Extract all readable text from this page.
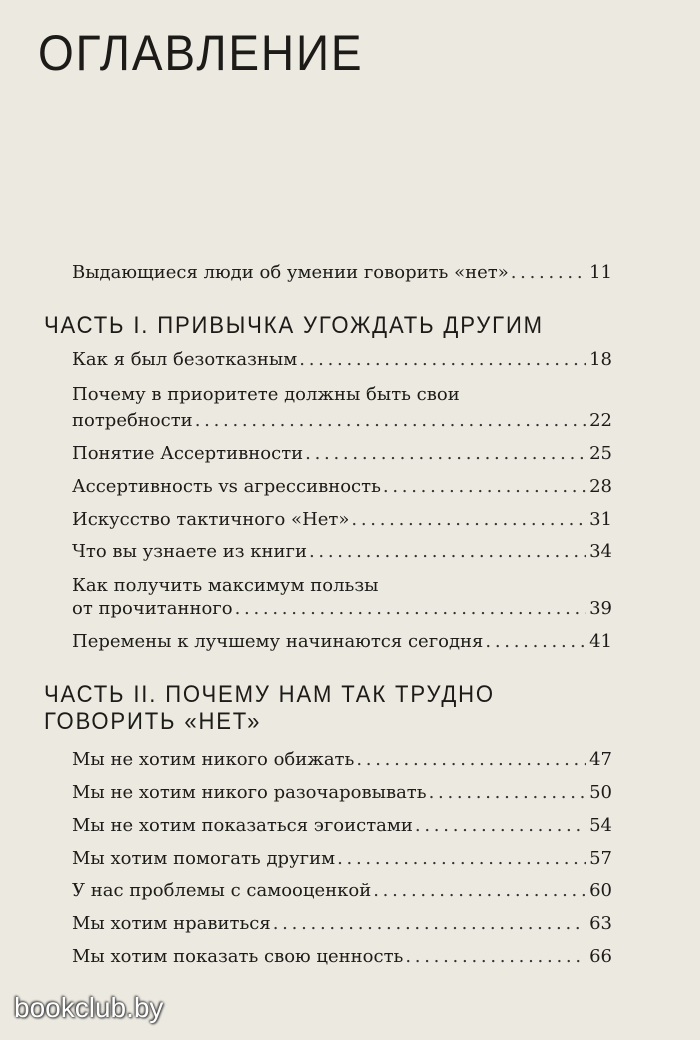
ОГЛАВЛЕНИЕ
Выдающиеся люди об умении говорить «нет» . . .	11
ЧАСТЬ I. ПРИВЫЧКА УГОЖДАТЬ ДРУГИМ
Как я был безотказным . . .	18
Почему в приоритете должны быть свои
потребности . . .	22
Понятие Ассертивности . . .	25
Ассертивность vs агрессивность . . .	28
Искусство тактичного «Нет» . . .	31
Что вы узнаете из книги . . .	34
Как получить максимум пользы
от прочитанного . . .	39
Перемены к лучшему начинаются сегодня . . .	41
ЧАСТЬ II. ПОЧЕМУ НАМ ТАК ТРУДНО
ГОВОРИТЬ «НЕТ»
Мы не хотим никого обижать . . .	47
Мы не хотим никого разочаровывать . . .	50
Мы не хотим показаться эгоистами . . .	54
Мы хотим помогать другим . . .	57
У нас проблемы с самооценкой . . .	60
Мы хотим нравиться . . .	63
Мы хотим показать свою ценность . . .	66
bookclub.by
